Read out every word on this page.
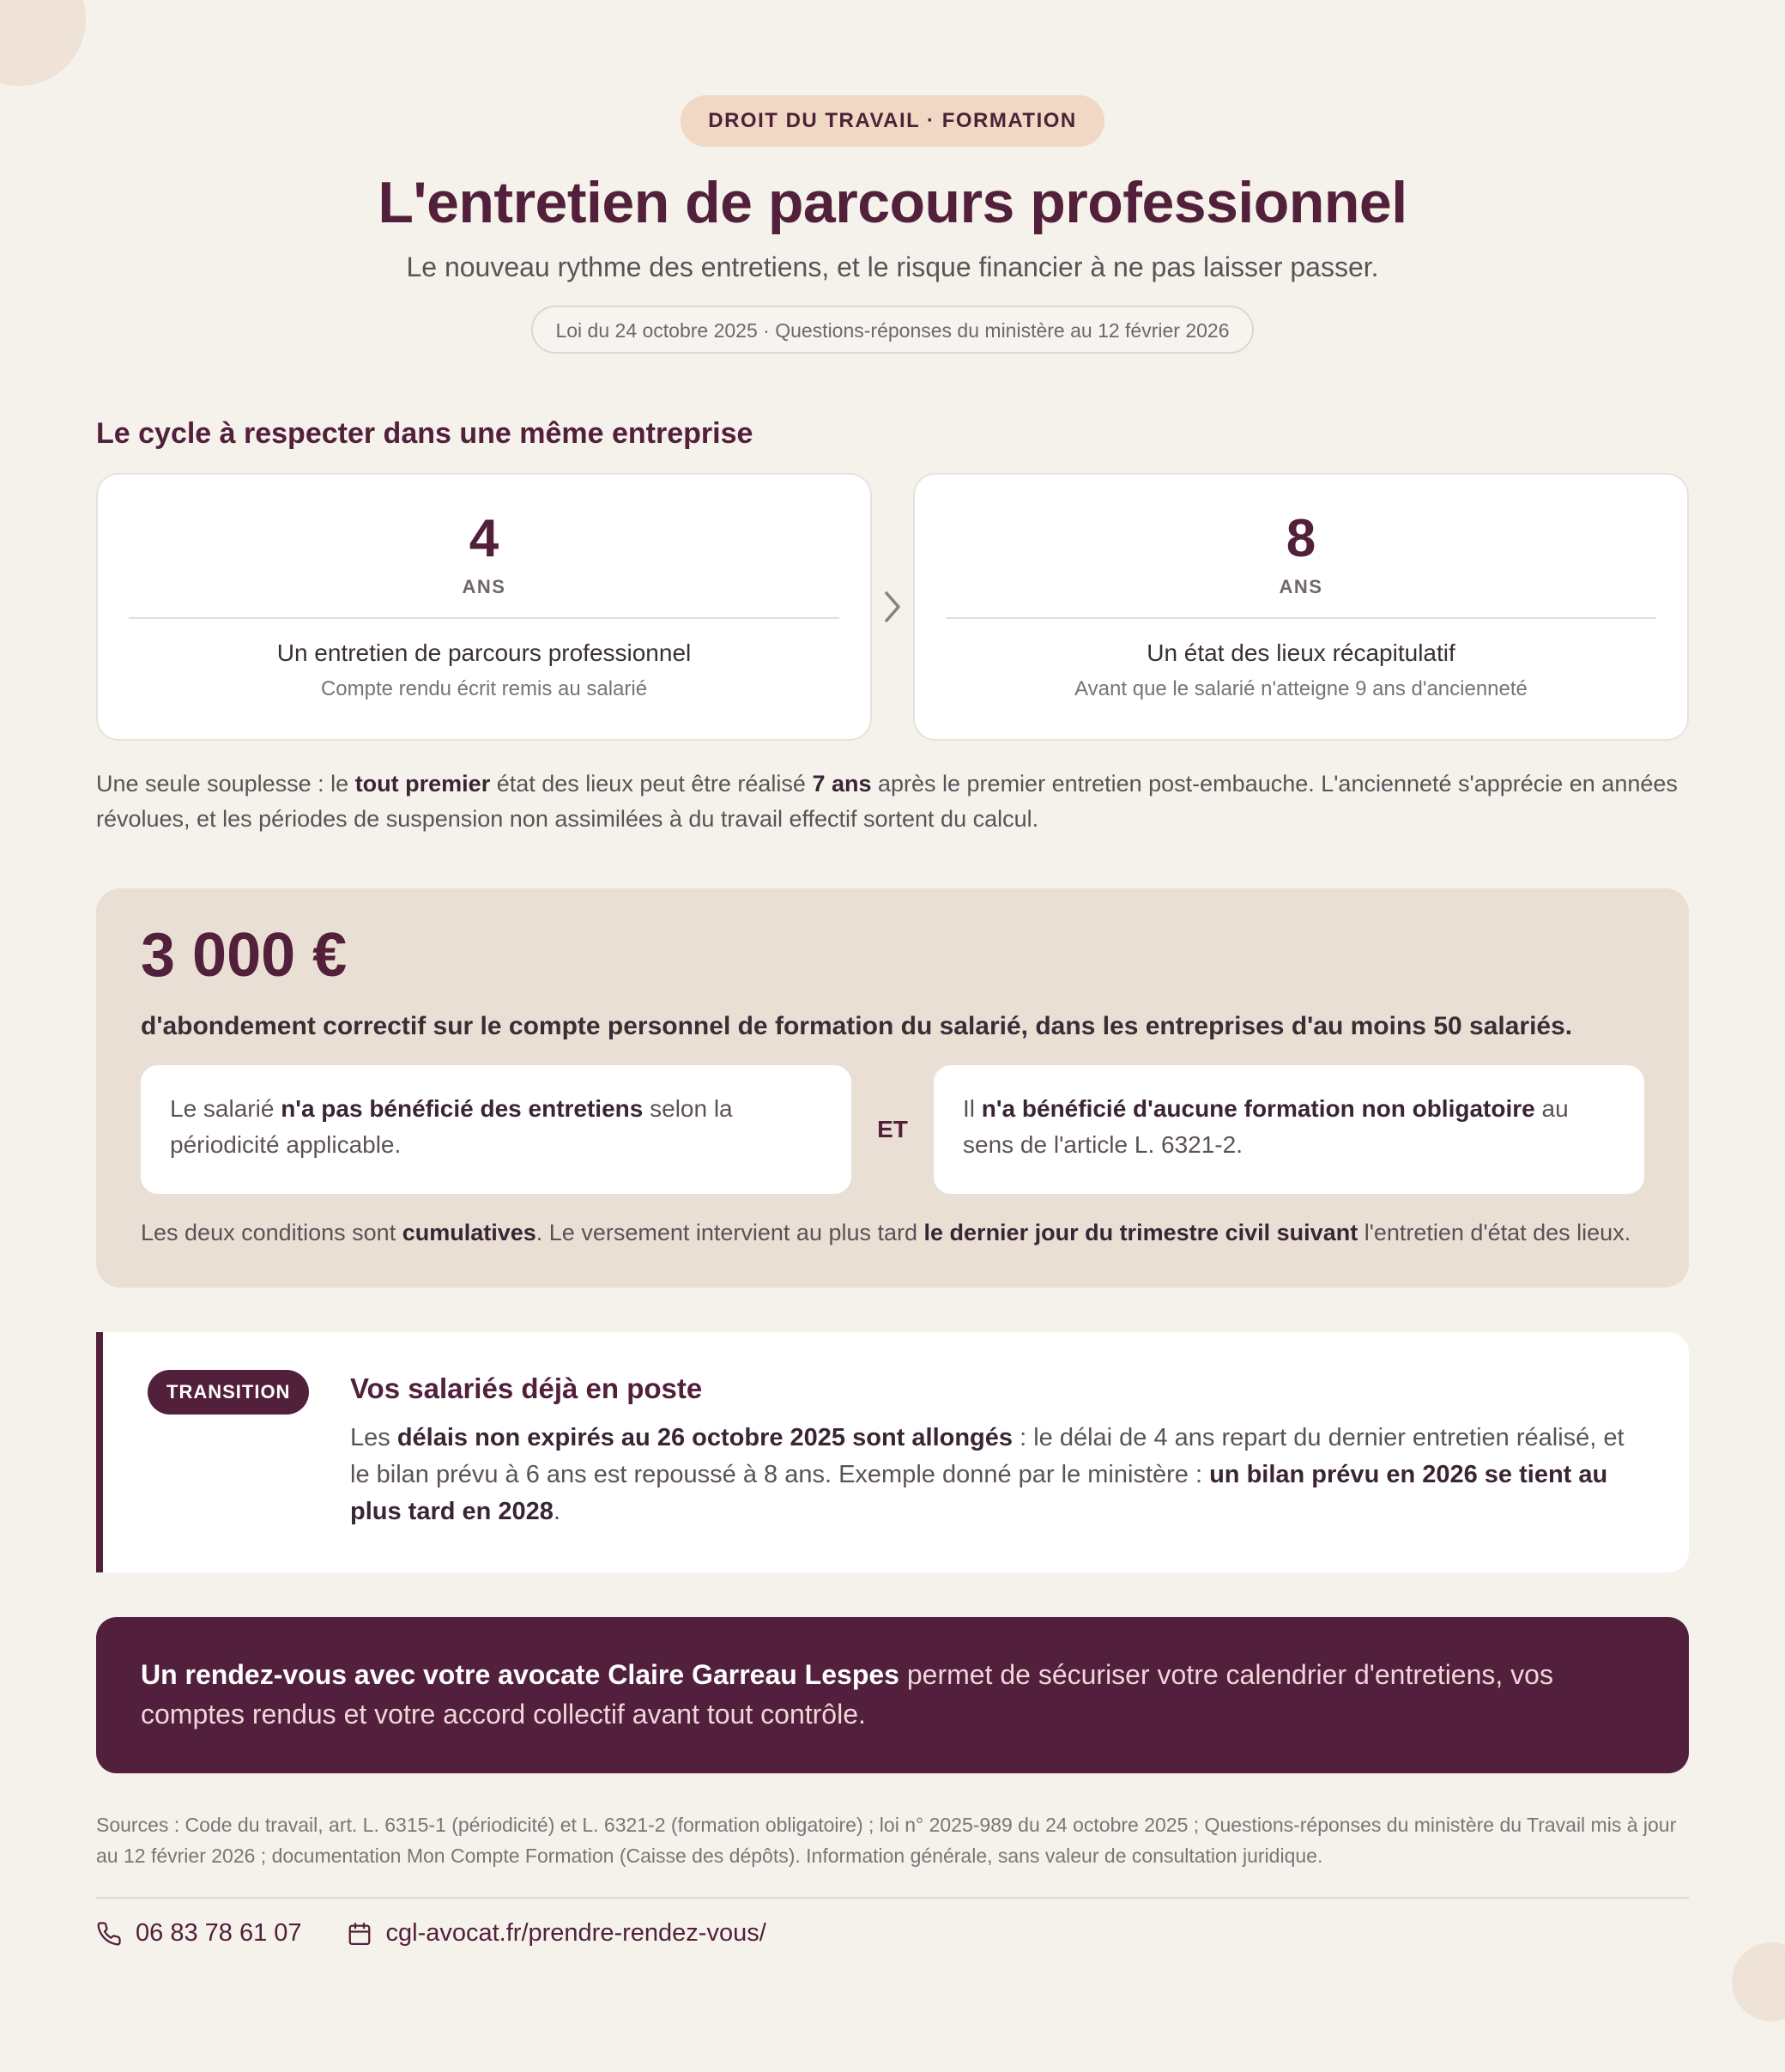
DROIT DU TRAVAIL · FORMATION
L'entretien de parcours professionnel

Le nouveau rythme des entretiens, et le risque financier à ne pas laisser passer.

Loi du 24 octobre 2025 · Questions-réponses du ministère au 12 février 2026
Le cycle à respecter dans une même entreprise
4
ANS
Un entretien de parcours professionnel
Compte rendu écrit remis au salarié
8
ANS
Un état des lieux récapitulatif
Avant que le salarié n'atteigne 9 ans d'ancienneté

Une seule souplesse : le tout premier état des lieux peut être réalisé 7 ans après le premier entretien post-embauche. L'ancienneté s'apprécie en années révolues, et les périodes de suspension non assimilées à du travail effectif sortent du calcul.

3 000 €

d'abondement correctif sur le compte personnel de formation du salarié, dans les entreprises d'au moins 50 salariés.

Le salarié n'a pas bénéficié des entretiens selon la périodicité applicable.
ET
Il n'a bénéficié d'aucune formation non obligatoire au sens de l'article L. 6321-2.

Les deux conditions sont cumulatives. Le versement intervient au plus tard le dernier jour du trimestre civil suivant l'entretien d'état des lieux.

TRANSITION	Vos salariés déjà en poste

Les délais non expirés au 26 octobre 2025 sont allongés : le délai de 4 ans repart du dernier entretien réalisé, et le bilan prévu à 6 ans est repoussé à 8 ans. Exemple donné par le ministère : un bilan prévu en 2026 se tient au plus tard en 2028.

Un rendez-vous avec votre avocate Claire Garreau Lespes permet de sécuriser votre calendrier d'entretiens, vos comptes rendus et votre accord collectif avant tout contrôle.

Sources : Code du travail, art. L. 6315-1 (périodicité) et L. 6321-2 (formation obligatoire) ; loi n° 2025-989 du 24 octobre 2025 ; Questions-réponses du ministère du Travail mis à jour au 12 février 2026 ; documentation Mon Compte Formation (Caisse des dépôts). Information générale, sans valeur de consultation juridique.

06 83 78 61 07	cgl-avocat.fr/prendre-rendez-vous/
